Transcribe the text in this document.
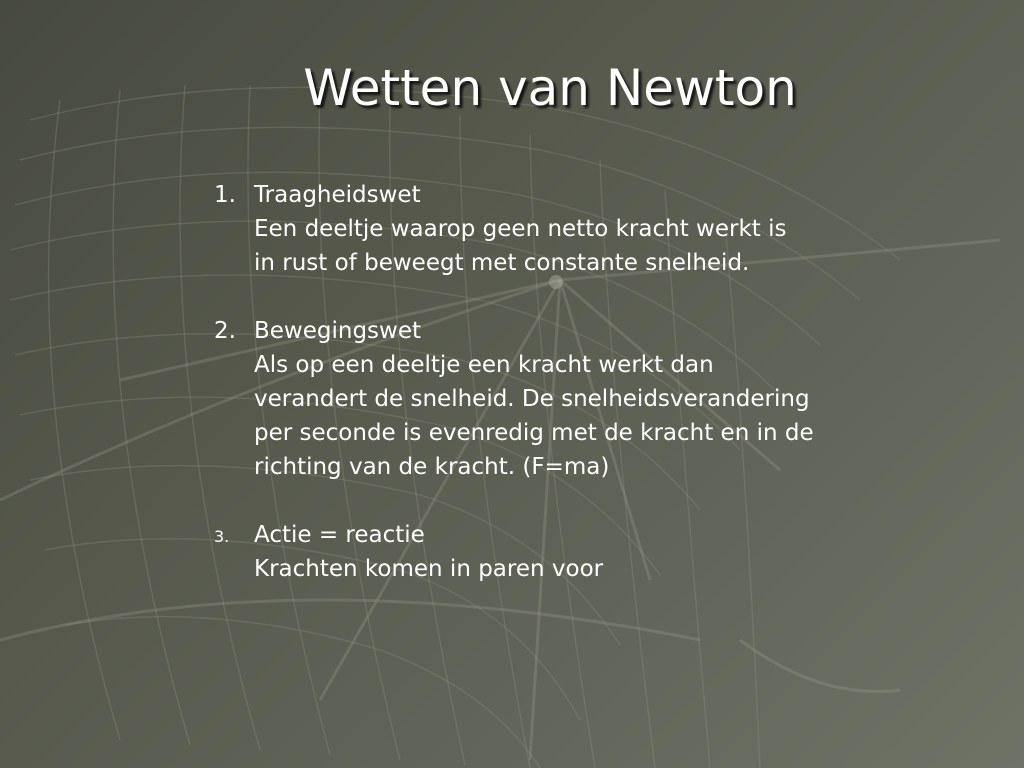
Wetten van Newton
1. Traagheidswet
Een deeltje waarop geen netto kracht werkt is
in rust of beweegt met constante snelheid.
2. Bewegingswet
Als op een deeltje een kracht werkt dan
verandert de snelheid. De snelheidsverandering
per seconde is evenredig met de kracht en in de
richting van de kracht. (F=ma)
3.	Actie = reactie
Krachten komen in paren voor
